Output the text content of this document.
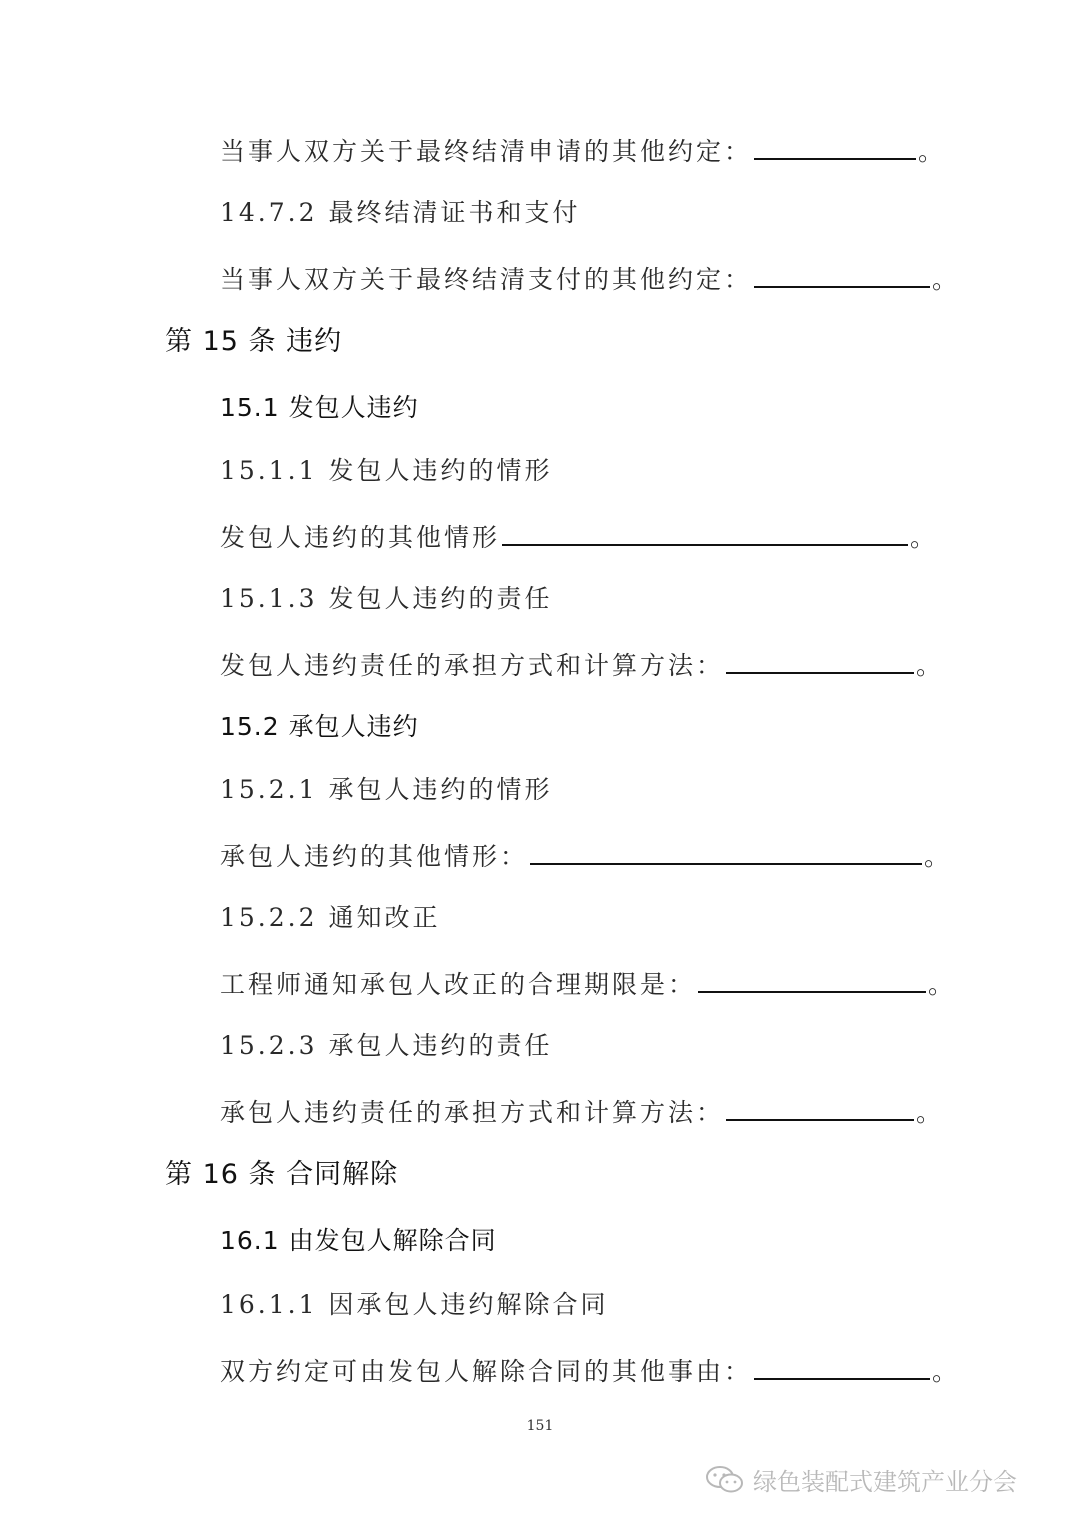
当事人双方关于最终结清申请的其他约定：	。
14.7.2 最终结清证书和支付
当事人双方关于最终结清支付的其他约定：	。
第 15 条 违约
15.1 发包人违约
15.1.1 发包人违约的情形
发包人违约的其他情形	。
15.1.3 发包人违约的责任
发包人违约责任的承担方式和计算方法：	。
15.2 承包人违约
15.2.1 承包人违约的情形
承包人违约的其他情形：	。
15.2.2 通知改正
工程师通知承包人改正的合理期限是：	。
15.2.3 承包人违约的责任
承包人违约责任的承担方式和计算方法：	。
第 16 条 合同解除
16.1 由发包人解除合同
16.1.1 因承包人违约解除合同
双方约定可由发包人解除合同的其他事由：	。
151
绿色装配式建筑产业分会
